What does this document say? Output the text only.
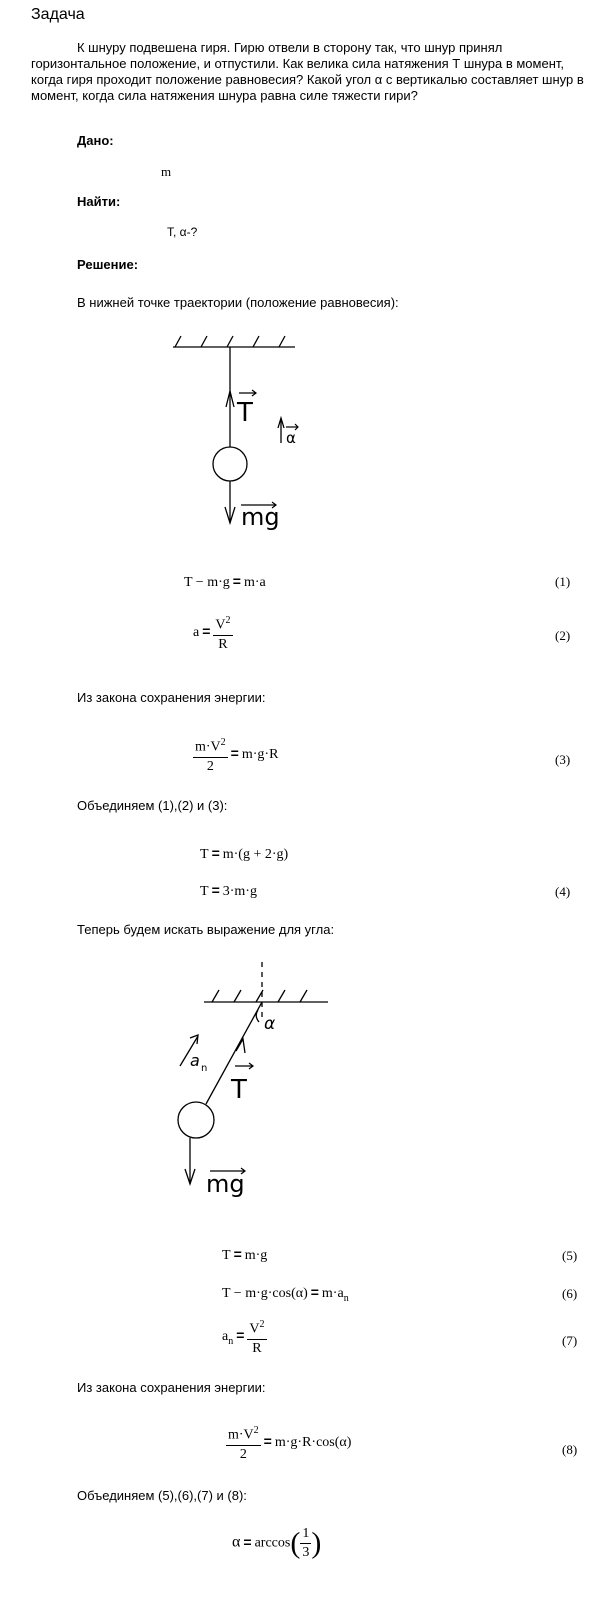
Задача
К шнуру подвешена гиря. Гирю отвели в сторону так, что шнур принял горизонтальное положение, и отпустили. Как велика сила натяжения Т шнура в момент, когда гиря проходит положение равновесия? Какой угол α с вертикалью составляет шнур в момент, когда сила натяжения шнура равна силе тяжести гири?
Дано:
m
Найти:
T, α-?
Решение:
В нижней точке траектории (положение равновесия):
T
α
mg
T − m·g = m·a	(1)
$a = \frac{V^2}{R}$	(2)
Из закона сохранения энергии:
$\frac{m\cdot V^2}{2} = m\cdot g\cdot R$	(3)
Объединяем (1),(2) и (3):
T = m·(g + 2·g)
T = 3·m·g	(4)
Теперь будем искать выражение для угла:
α
a n
T
mg
T = m·g	(5)
$T - m\cdot g\cdot\cos(\alpha) = m\cdot a_n$	(6)
$a_n = \frac{V^2}{R}$	(7)
Из закона сохранения энергии:
$\frac{m\cdot V^2}{2} = m\cdot g\cdot R\cdot\cos(\alpha)$	(8)
Объединяем (5),(6),(7) и (8):
$\alpha = \arccos( \frac{1}{3}$ )
